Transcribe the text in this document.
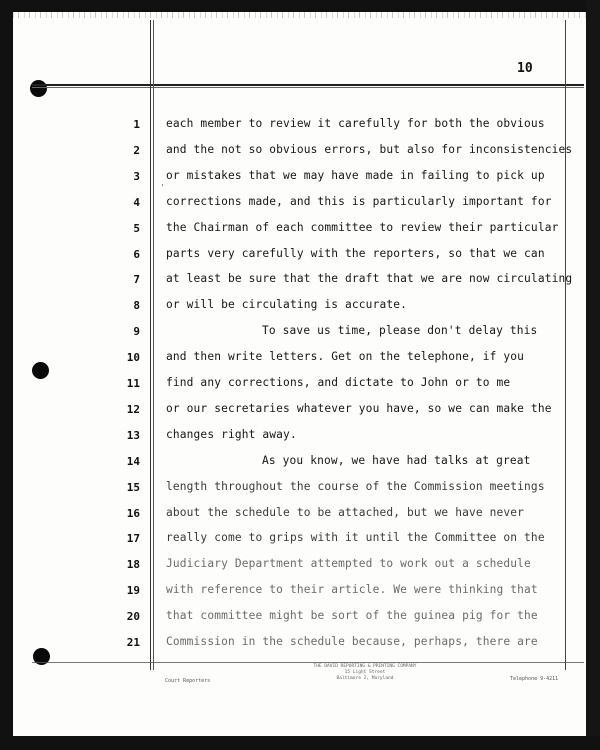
10
'
1 each member to review it carefully for both the obvious
2 and the not so obvious errors, but also for inconsistencies
3 or mistakes that we may have made in failing to pick up
4 corrections made, and this is particularly important for
5 the Chairman of each committee to review their particular
6 parts very carefully with the reporters, so that we can
7 at least be sure that the draft that we are now circulating
8 or will be circulating is accurate.
9	To save us time, please don't delay this
10 and then write letters. Get on the telephone, if you
11 find any corrections, and dictate to John or to me
12 or our secretaries whatever you have, so we can make the
13 changes right away.
14	As you know, we have had talks at great
15 length throughout the course of the Commission meetings
16 about the schedule to be attached, but we have never
17 really come to grips with it until the Committee on the
18 Judiciary Department attempted to work out a schedule
19 with reference to their article. We were thinking that
20 that committee might be sort of the guinea pig for the
21 Commission in the schedule because, perhaps, there are
Court Reporters
THE DAVID REPORTING & PRINTING COMPANY
15 Light Street
Baltimore 2, Maryland	Telephone 9-4211
